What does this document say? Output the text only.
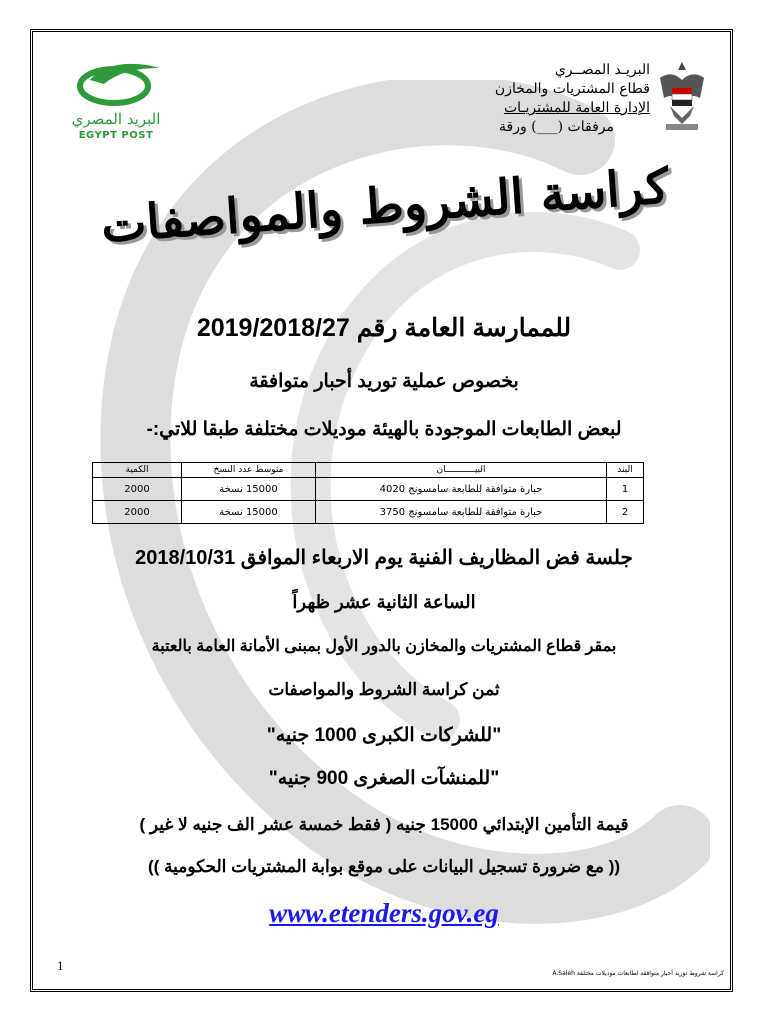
البريد المصري
EGYPT POST
البريـد المصــري
قطاع المشتريات والمخازن
الإدارة العامة للمشتريـات
مرفقات (___) ورقة
كراسة الشروط والمواصفات
للممارسة العامة رقم 2019/2018/27
بخصوص عملية توريد أحبار متوافقة
لبعض الطابعات الموجودة بالهيئة موديلات مختلفة طبقا للاتي:-
البند	البيـــــــــــان	متوسط عدد النسخ	الكمية
1	حبارة متوافقة للطابعة سامسونج 4020	15000 نسخة	2000
2	حبارة متوافقة للطابعة سامسونج 3750	15000 نسخة	2000
جلسة فض المظاريف الفنية يوم الاربعاء الموافق 2018/10/31
الساعة الثانية عشر ظهراً
بمقر قطاع المشتريات والمخازن بالدور الأول بمبنى الأمانة العامة بالعتبة
ثمن كراسة الشروط والمواصفات
"للشركات الكبرى 1000 جنيه"
"للمنشآت الصغرى 900 جنيه"
قيمة التأمين الإبتدائي 15000 جنيه ( فقط خمسة عشر الف جنيه لا غير )
(( مع ضرورة تسجيل البيانات على موقع بوابة المشتريات الحكومية ))
www.etenders.gov.eg
1
كراسة شروط توريد أحبار متوافقة لطابعات موديلات مختلفة A.Saleh
